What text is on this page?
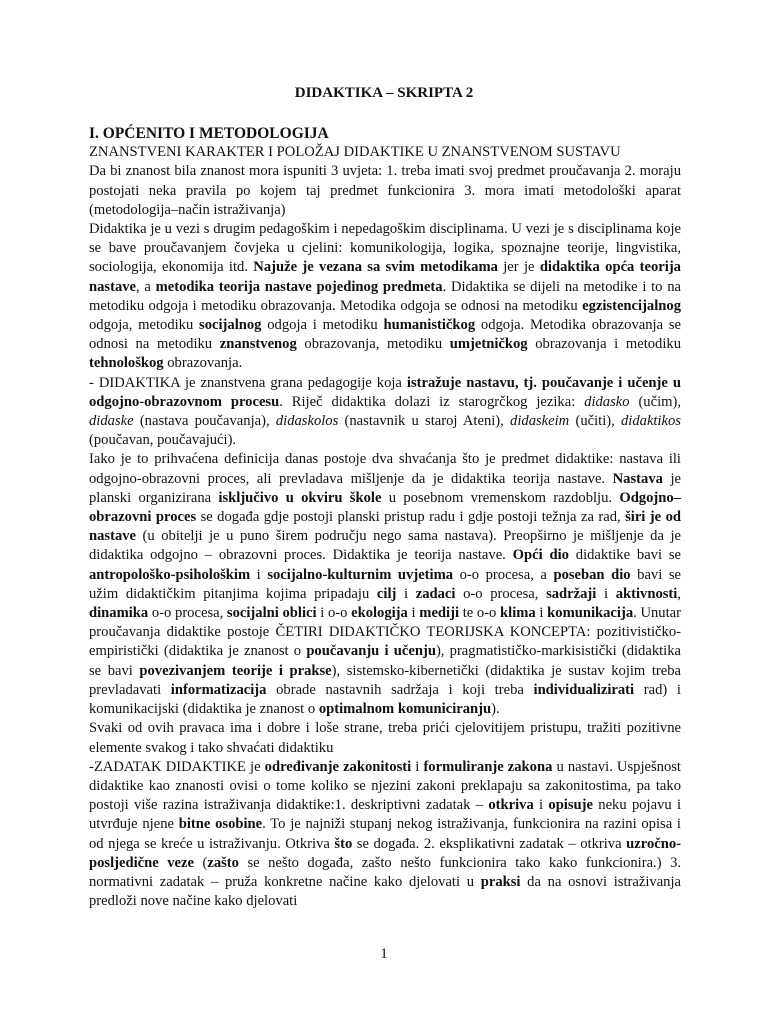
DIDAKTIKA – SKRIPTA 2

I. OPĆENITO I METODOLOGIJA

ZNANSTVENI KARAKTER I POLOŽAJ DIDAKTIKE U ZNANSTVENOM SUSTAVU

Da bi znanost bila znanost mora ispuniti 3 uvjeta: 1. treba imati svoj predmet proučavanja 2. moraju postojati neka pravila po kojem taj predmet funkcionira 3. mora imati metodološki aparat (metodologija–način istraživanja)

Didaktika je u vezi s drugim pedagoškim i nepedagoškim disciplinama. U vezi je s disciplinama koje se bave proučavanjem čovjeka u cjelini: komunikologija, logika, spoznajne teorije, lingvistika, sociologija, ekonomija itd. Najuže je vezana sa svim metodikama jer je didaktika opća teorija nastave, a metodika teorija nastave pojedinog predmeta. Didaktika se dijeli na metodike i to na metodiku odgoja i metodiku obrazovanja. Metodika odgoja se odnosi na metodiku egzistencijalnog odgoja, metodiku socijalnog odgoja i metodiku humanističkog odgoja. Metodika obrazovanja se odnosi na metodiku znanstvenog obrazovanja, metodiku umjetničkog obrazovanja i metodiku tehnološkog obrazovanja.

- DIDAKTIKA je znanstvena grana pedagogije koja istražuje nastavu, tj. poučavanje i učenje u odgojno-obrazovnom procesu. Riječ didaktika dolazi iz starogrčkog jezika: didasko (učim), didaske (nastava poučavanja), didaskolos (nastavnik u staroj Ateni), didaskeim (učiti), didaktikos (poučavan, poučavajući).

Iako je to prihvaćena definicija danas postoje dva shvaćanja što je predmet didaktike: nastava ili odgojno-obrazovni proces, ali prevladava mišljenje da je didaktika teorija nastave. Nastava je planski organizirana isključivo u okviru škole u posebnom vremenskom razdoblju. Odgojno–obrazovni proces se događa gdje postoji planski pristup radu i gdje postoji težnja za rad, širi je od nastave (u obitelji je u puno širem području nego sama nastava). Preopširno je mišljenje da je didaktika odgojno – obrazovni proces. Didaktika je teorija nastave. Opći dio didaktike bavi se antropološko-psihološkim i socijalno-kulturnim uvjetima o-o procesa, a poseban dio bavi se užim didaktičkim pitanjima kojima pripadaju cilj i zadaci o-o procesa, sadržaji i aktivnosti, dinamika o-o procesa, socijalni oblici i o-o ekologija i mediji te o-o klima i komunikacija. Unutar proučavanja didaktike postoje ČETIRI DIDAKTIČKO TEORIJSKA KONCEPTA: pozitivističko-empiristički (didaktika je znanost o poučavanju i učenju), pragmatističko-markisistički (didaktika se bavi povezivanjem teorije i prakse), sistemsko-kibernetički (didaktika je sustav kojim treba prevladavati informatizacija obrade nastavnih sadržaja i koji treba individualizirati rad) i komunikacijski (didaktika je znanost o optimalnom komuniciranju).

Svaki od ovih pravaca ima i dobre i loše strane, treba prići cjelovitijem pristupu, tražiti pozitivne elemente svakog i tako shvaćati didaktiku

-ZADATAK DIDAKTIKE je određivanje zakonitosti i formuliranje zakona u nastavi. Uspješnost didaktike kao znanosti ovisi o tome koliko se njezini zakoni preklapaju sa zakonitostima, pa tako postoji više razina istraživanja didaktike:1. deskriptivni zadatak – otkriva i opisuje neku pojavu i utvrđuje njene bitne osobine. To je najniži stupanj nekog istraživanja, funkcionira na razini opisa i od njega se kreće u istraživanju. Otkriva što se događa. 2. eksplikativni zadatak – otkriva uzročno-posljedične veze (zašto se nešto događa, zašto nešto funkcionira tako kako funkcionira.) 3. normativni zadatak – pruža konkretne načine kako djelovati u praksi da na osnovi istraživanja predloži nove načine kako djelovati

1
